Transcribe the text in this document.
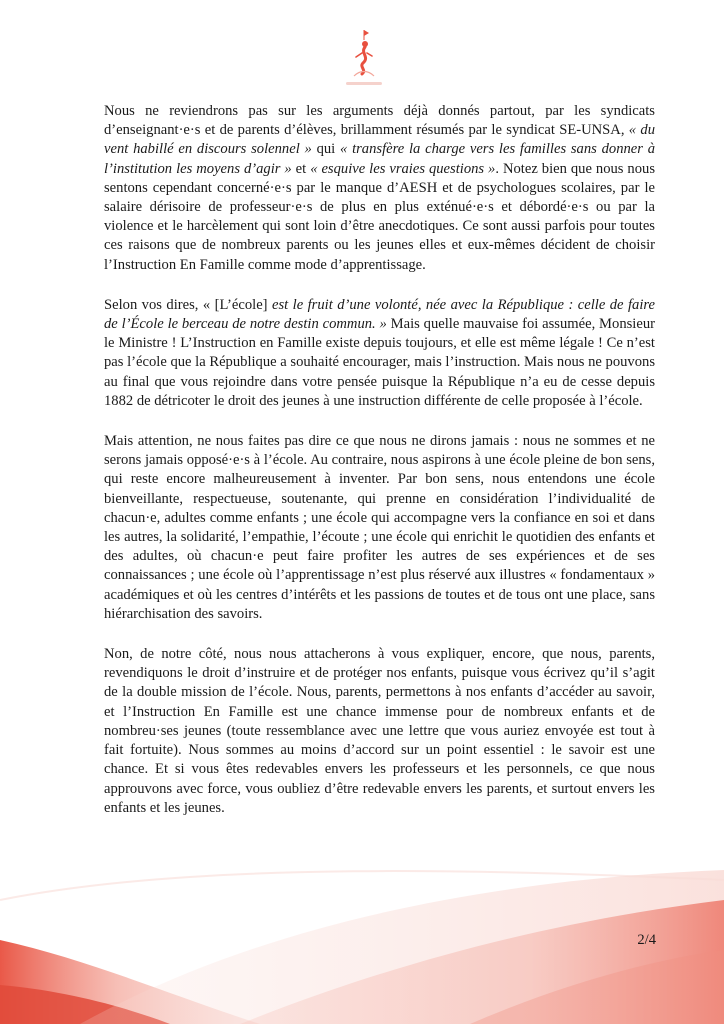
Nous ne reviendrons pas sur les arguments déjà donnés partout, par les syndicats d’enseignant·e·s et de parents d’élèves, brillamment résumés par le syndicat SE-UNSA, « du vent habillé en discours solennel » qui « transfère la charge vers les familles sans donner à l’institution les moyens d’agir » et « esquive les vraies questions ». Notez bien que nous nous sentons cependant concerné·e·s par le manque d’AESH et de psychologues scolaires, par le salaire dérisoire de professeur·e·s de plus en plus exténué·e·s et débordé·e·s ou par la violence et le harcèlement qui sont loin d’être anecdotiques. Ce sont aussi parfois pour toutes ces raisons que de nombreux parents ou les jeunes elles et eux-mêmes décident de choisir l’Instruction En Famille comme mode d’apprentissage.

Selon vos dires, « [L’école] est le fruit d’une volonté, née avec la République : celle de faire de l’École le berceau de notre destin commun. » Mais quelle mauvaise foi assumée, Monsieur le Ministre ! L’Instruction en Famille existe depuis toujours, et elle est même légale ! Ce n’est pas l’école que la République a souhaité encourager, mais l’instruction. Mais nous ne pouvons au final que vous rejoindre dans votre pensée puisque la République n’a eu de cesse depuis 1882 de détricoter le droit des jeunes à une instruction différente de celle proposée à l’école.

Mais attention, ne nous faites pas dire ce que nous ne dirons jamais : nous ne sommes et ne serons jamais opposé·e·s à l’école. Au contraire, nous aspirons à une école pleine de bon sens, qui reste encore malheureusement à inventer. Par bon sens, nous entendons une école bienveillante, respectueuse, soutenante, qui prenne en considération l’individualité de chacun·e, adultes comme enfants ; une école qui accompagne vers la confiance en soi et dans les autres, la solidarité, l’empathie, l’écoute ; une école qui enrichit le quotidien des enfants et des adultes, où chacun·e peut faire profiter les autres de ses expériences et de ses connaissances ; une école où l’apprentissage n’est plus réservé aux illustres « fondamentaux » académiques et où les centres d’intérêts et les passions de toutes et de tous ont une place, sans hiérarchisation des savoirs.

Non, de notre côté, nous nous attacherons à vous expliquer, encore, que nous, parents, revendiquons le droit d’instruire et de protéger nos enfants, puisque vous écrivez qu’il s’agit de la double mission de l’école. Nous, parents, permettons à nos enfants d’accéder au savoir, et l’Instruction En Famille est une chance immense pour de nombreux enfants et de nombreu·ses jeunes (toute ressemblance avec une lettre que vous auriez envoyée est tout à fait fortuite). Nous sommes au moins d’accord sur un point essentiel : le savoir est une chance. Et si vous êtes redevables envers les professeurs et les personnels, ce que nous approuvons avec force, vous oubliez d’être redevable envers les parents, et surtout envers les enfants et les jeunes.

2/4
